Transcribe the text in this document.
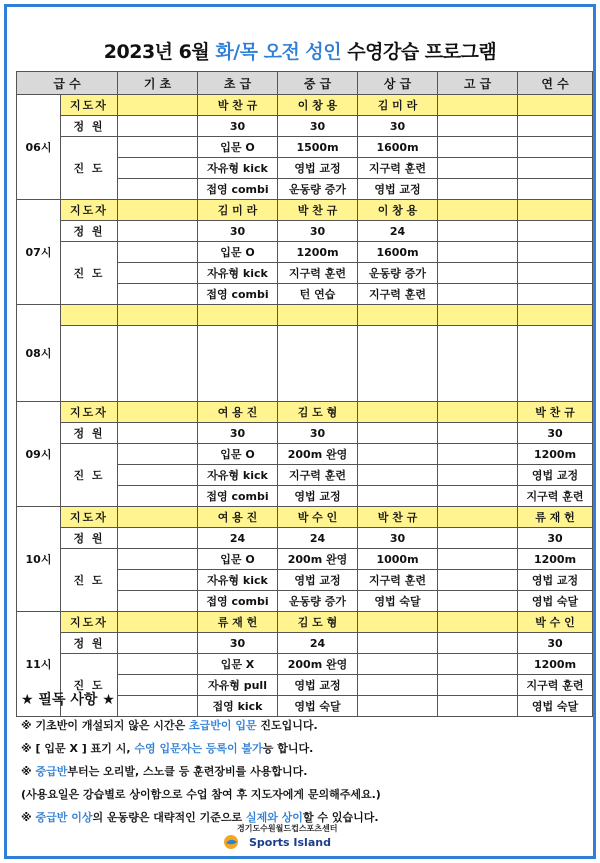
2023년 6월 화/목 오전 성인 수영강습 프로그램
급 수		기 초	초 급	중 급	상 급	고 급	연 수
06시	지도자		박 찬 규	이 창 용	김 미 라		
	정 원		30	30	30		
	진 도		입문 O	1500m	1600m		
			자유형 kick	영법 교정	지구력 훈련		
			접영 combi	운동량 증가	영법 교정		
07시	지도자		김 미 라	박 찬 규	이 창 용		
	정 원		30	30	24		
	진 도		입문 O	1200m	1600m		
			자유형 kick	지구력 훈련	운동량 증가		
			접영 combi	턴 연습	지구력 훈련		
08시							

09시	지도자		여 용 진	김 도 형			박 찬 규
	정 원		30	30			30
	진 도		입문 O	200m 완영			1200m
			자유형 kick	지구력 훈련			영법 교정
			접영 combi	영법 교정			지구력 훈련
10시	지도자		여 용 진	박 수 인	박 찬 규		류 재 헌
	정 원		24	24	30		30
	진 도		입문 O	200m 완영	1000m		1200m
			자유형 kick	영법 교정	지구력 훈련		영법 교정
			접영 combi	운동량 증가	영법 숙달		영법 숙달
11시	지도자		류 재 헌	김 도 형			박 수 인
	정 원		30	24			30
	진 도		입문 X	200m 완영			1200m
			자유형 pull	영법 교정			지구력 훈련
			접영 kick	영법 숙달			영법 숙달
★ 필독 사항 ★
※ 기초반이 개설되지 않은 시간은 초급반이 입문 진도입니다.
※ [ 입문 X ] 표기 시, 수영 입문자는 등록이 불가능 합니다.
※ 중급반부터는 오리발, 스노클 등 훈련장비를 사용합니다.
(사용요일은 강습별로 상이함으로 수업 참여 후 지도자에게 문의해주세요.)
※ 중급반 이상의 운동량은 대략적인 기준으로 실제와 상이할 수 있습니다.
경기도수원월드컵스포츠센터
Sports Island
